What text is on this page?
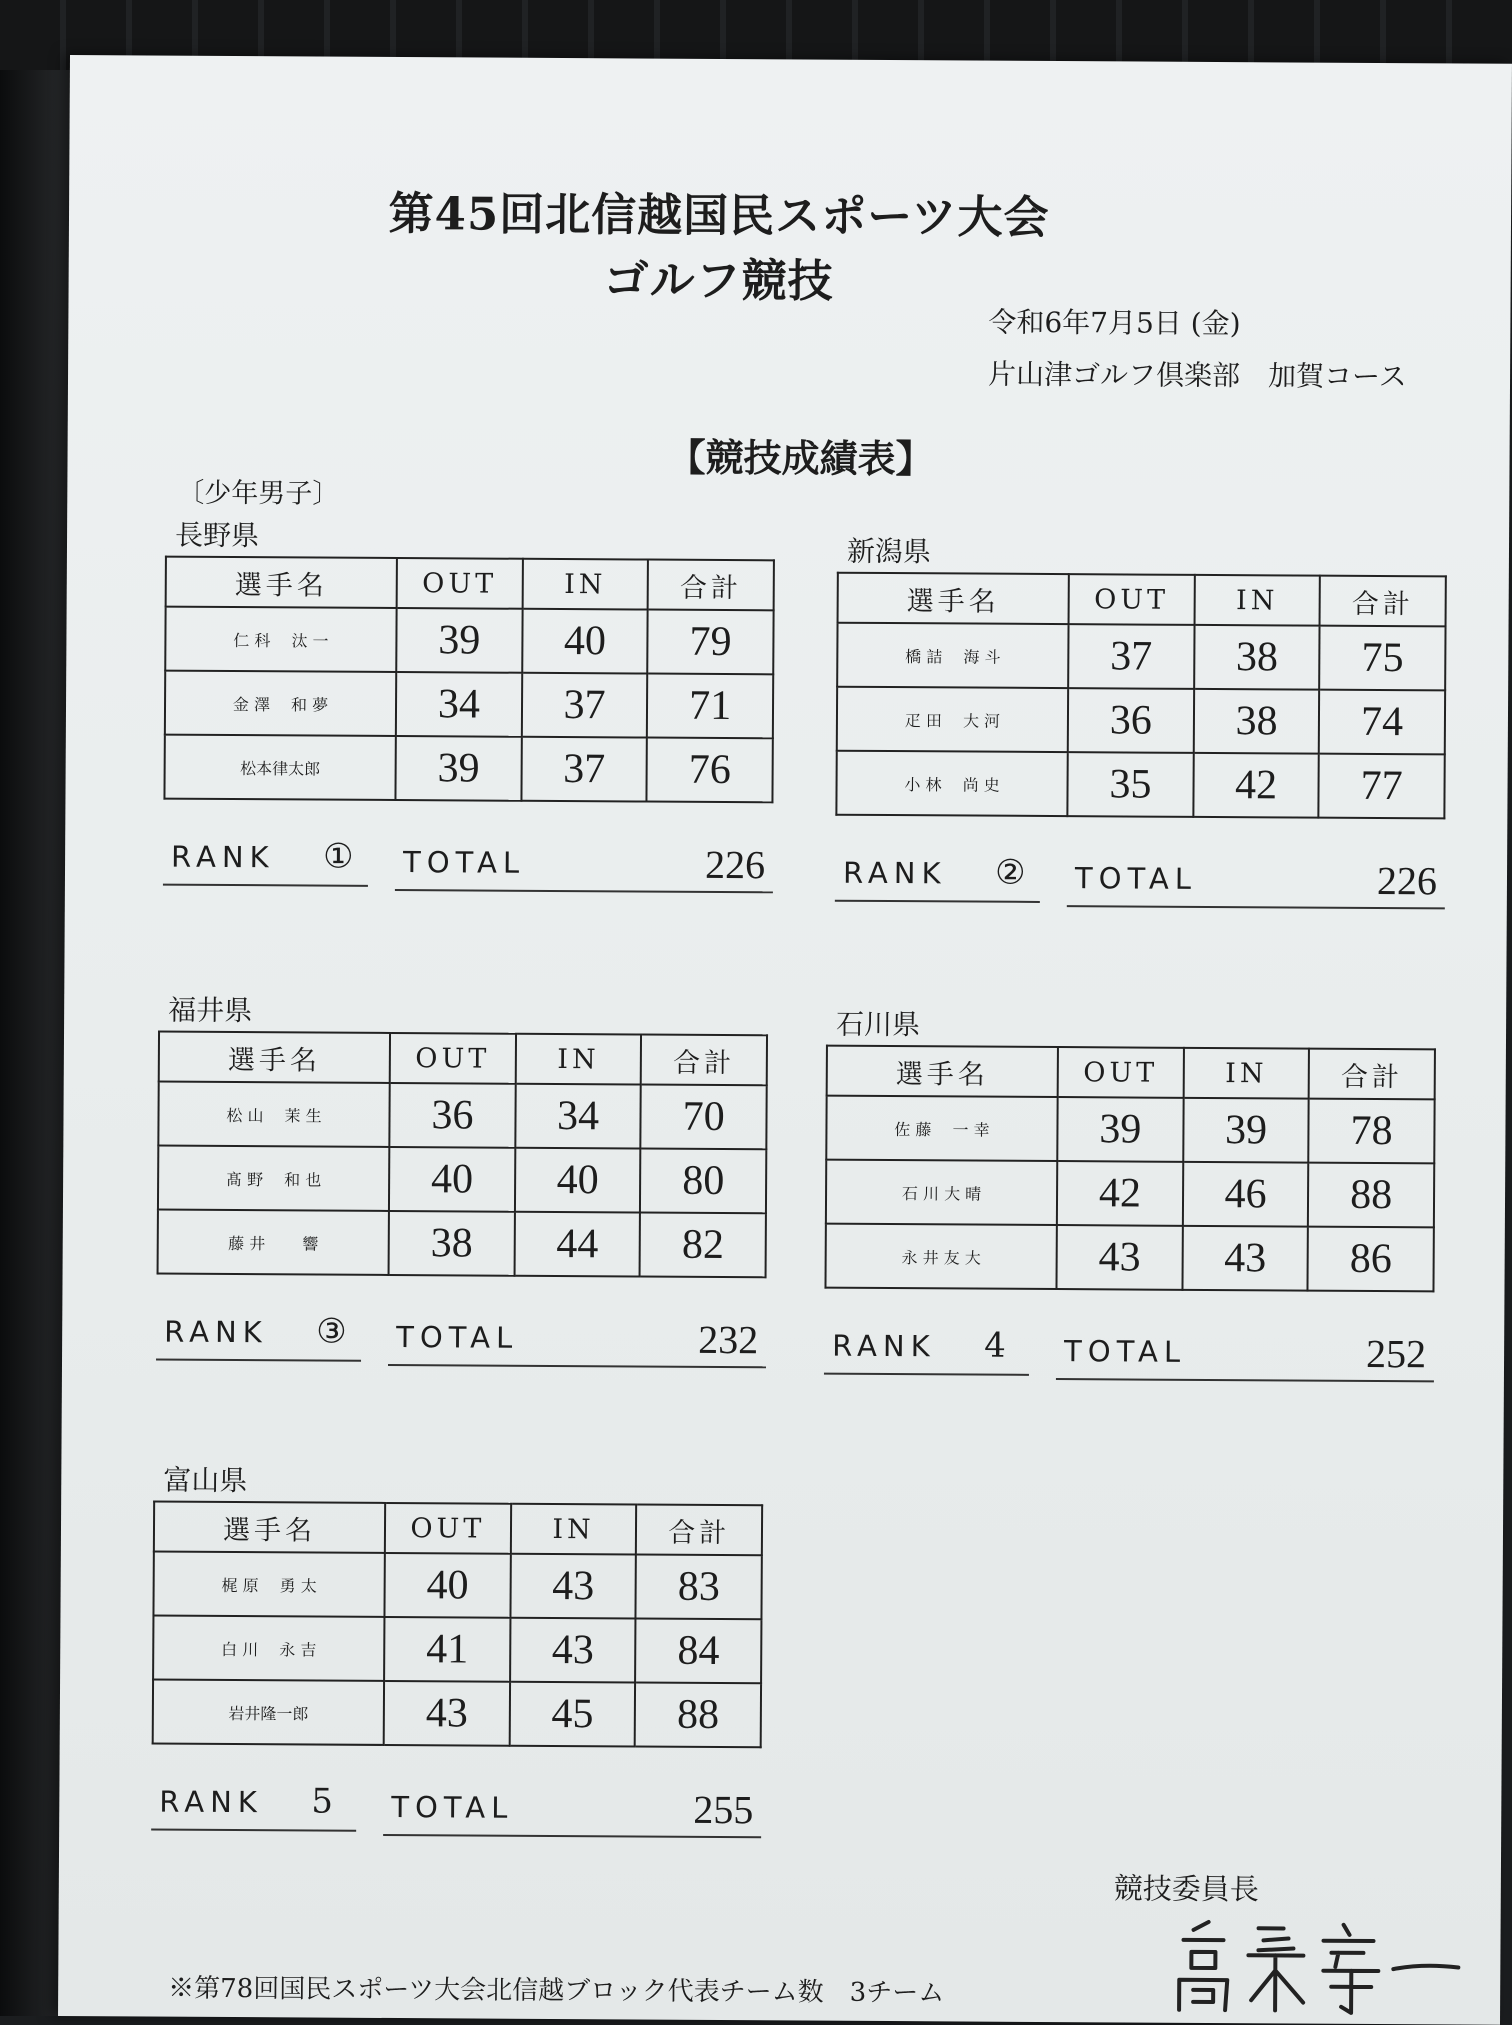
第45回北信越国民スポーツ大会ゴルフ競技
令和6年7月5日 (金)
片山津ゴルフ倶楽部　加賀コース
【競技成績表】
〔少年男子〕
長野県
選手名	OUT	IN	合計

仁 科　 汰 一	39	40	79

金 澤　 和 夢	34	37	71

松本律太郎	39	37	76
RANK ① TOTAL	226
新潟県
選手名	OUT	IN	合計

橋 詰　 海 斗	37	38	75

疋 田　 大 河	36	38	74

小 林　 尚 史	35	42	77
RANK ② TOTAL	226
福井県
選手名	OUT	IN	合計

松 山　 茉 生	36	34	70

髙 野　 和 也	40	40	80

藤 井　　 響	38	44	82
RANK ③ TOTAL	232
石川県
選手名	OUT	IN	合計

佐 藤　 一 幸	39	39	78

石 川 大 晴	42	46	88

永 井 友 大	43	43	86
RANK 4 TOTAL	252
富山県
選手名	OUT	IN	合計

梶 原　 勇 太	40	43	83

白 川　 永 吉	41	43	84

岩井隆一郎	43	45	88
RANK 5 TOTAL	255
競技委員長
※第78回国民スポーツ大会北信越ブロック代表チーム数　3チーム
